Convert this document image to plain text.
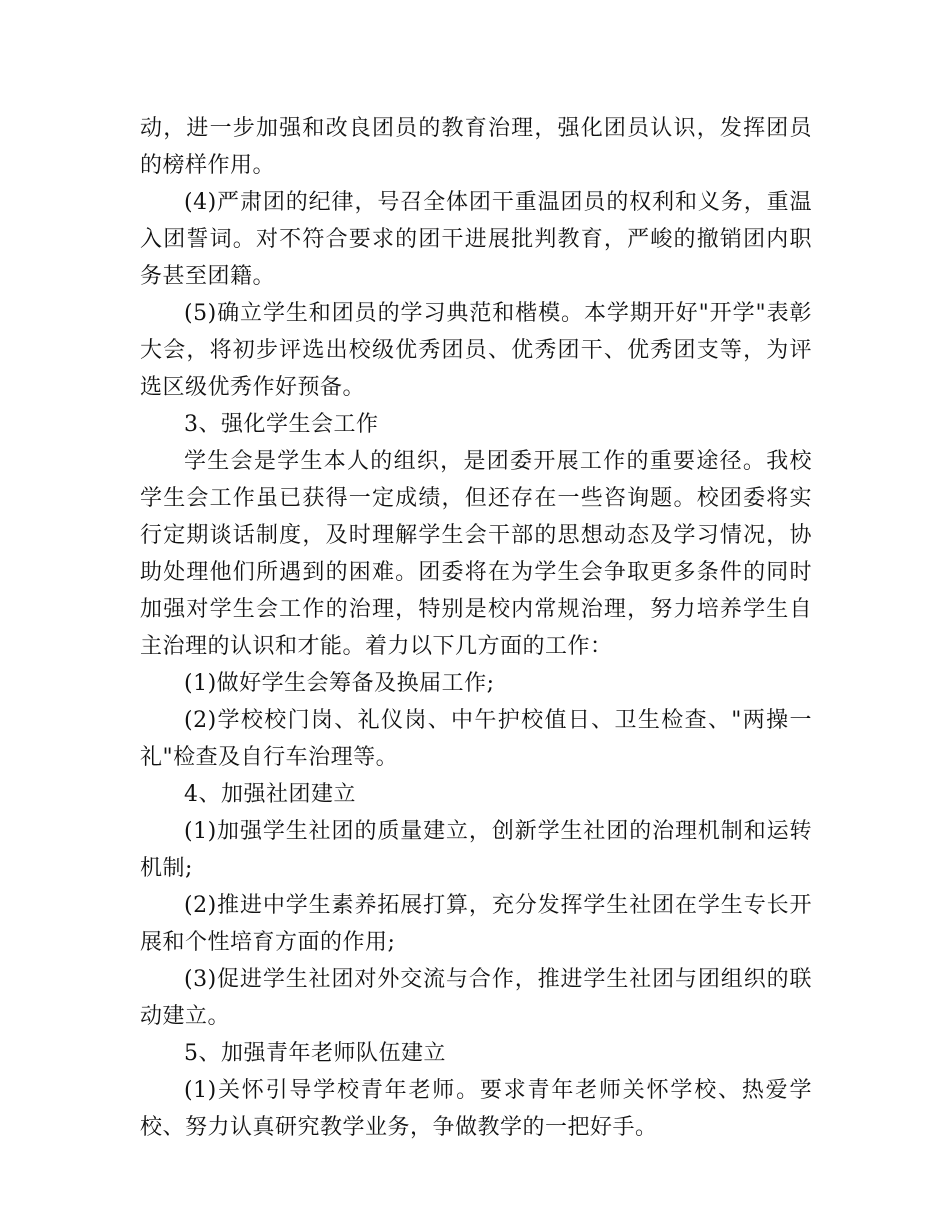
动，进一步加强和改良团员的教育治理，强化团员认识，发挥团员的榜样作用。

(4)严肃团的纪律，号召全体团干重温团员的权利和义务，重温入团誓词。对不符合要求的团干进展批判教育，严峻的撤销团内职务甚至团籍。

(5)确立学生和团员的学习典范和楷模。本学期开好"开学"表彰大会，将初步评选出校级优秀团员、优秀团干、优秀团支等，为评选区级优秀作好预备。

3、强化学生会工作

学生会是学生本人的组织，是团委开展工作的重要途径。我校学生会工作虽已获得一定成绩，但还存在一些咨询题。校团委将实行定期谈话制度，及时理解学生会干部的思想动态及学习情况，协助处理他们所遇到的困难。团委将在为学生会争取更多条件的同时加强对学生会工作的治理，特别是校内常规治理，努力培养学生自主治理的认识和才能。着力以下几方面的工作：

(1)做好学生会筹备及换届工作;

(2)学校校门岗、礼仪岗、中午护校值日、卫生检查、"两操一礼"检查及自行车治理等。

4、加强社团建立

(1)加强学生社团的质量建立，创新学生社团的治理机制和运转机制;

(2)推进中学生素养拓展打算，充分发挥学生社团在学生专长开展和个性培育方面的作用;

(3)促进学生社团对外交流与合作，推进学生社团与团组织的联动建立。

5、加强青年老师队伍建立

(1)关怀引导学校青年老师。要求青年老师关怀学校、热爱学校、努力认真研究教学业务，争做教学的一把好手。
